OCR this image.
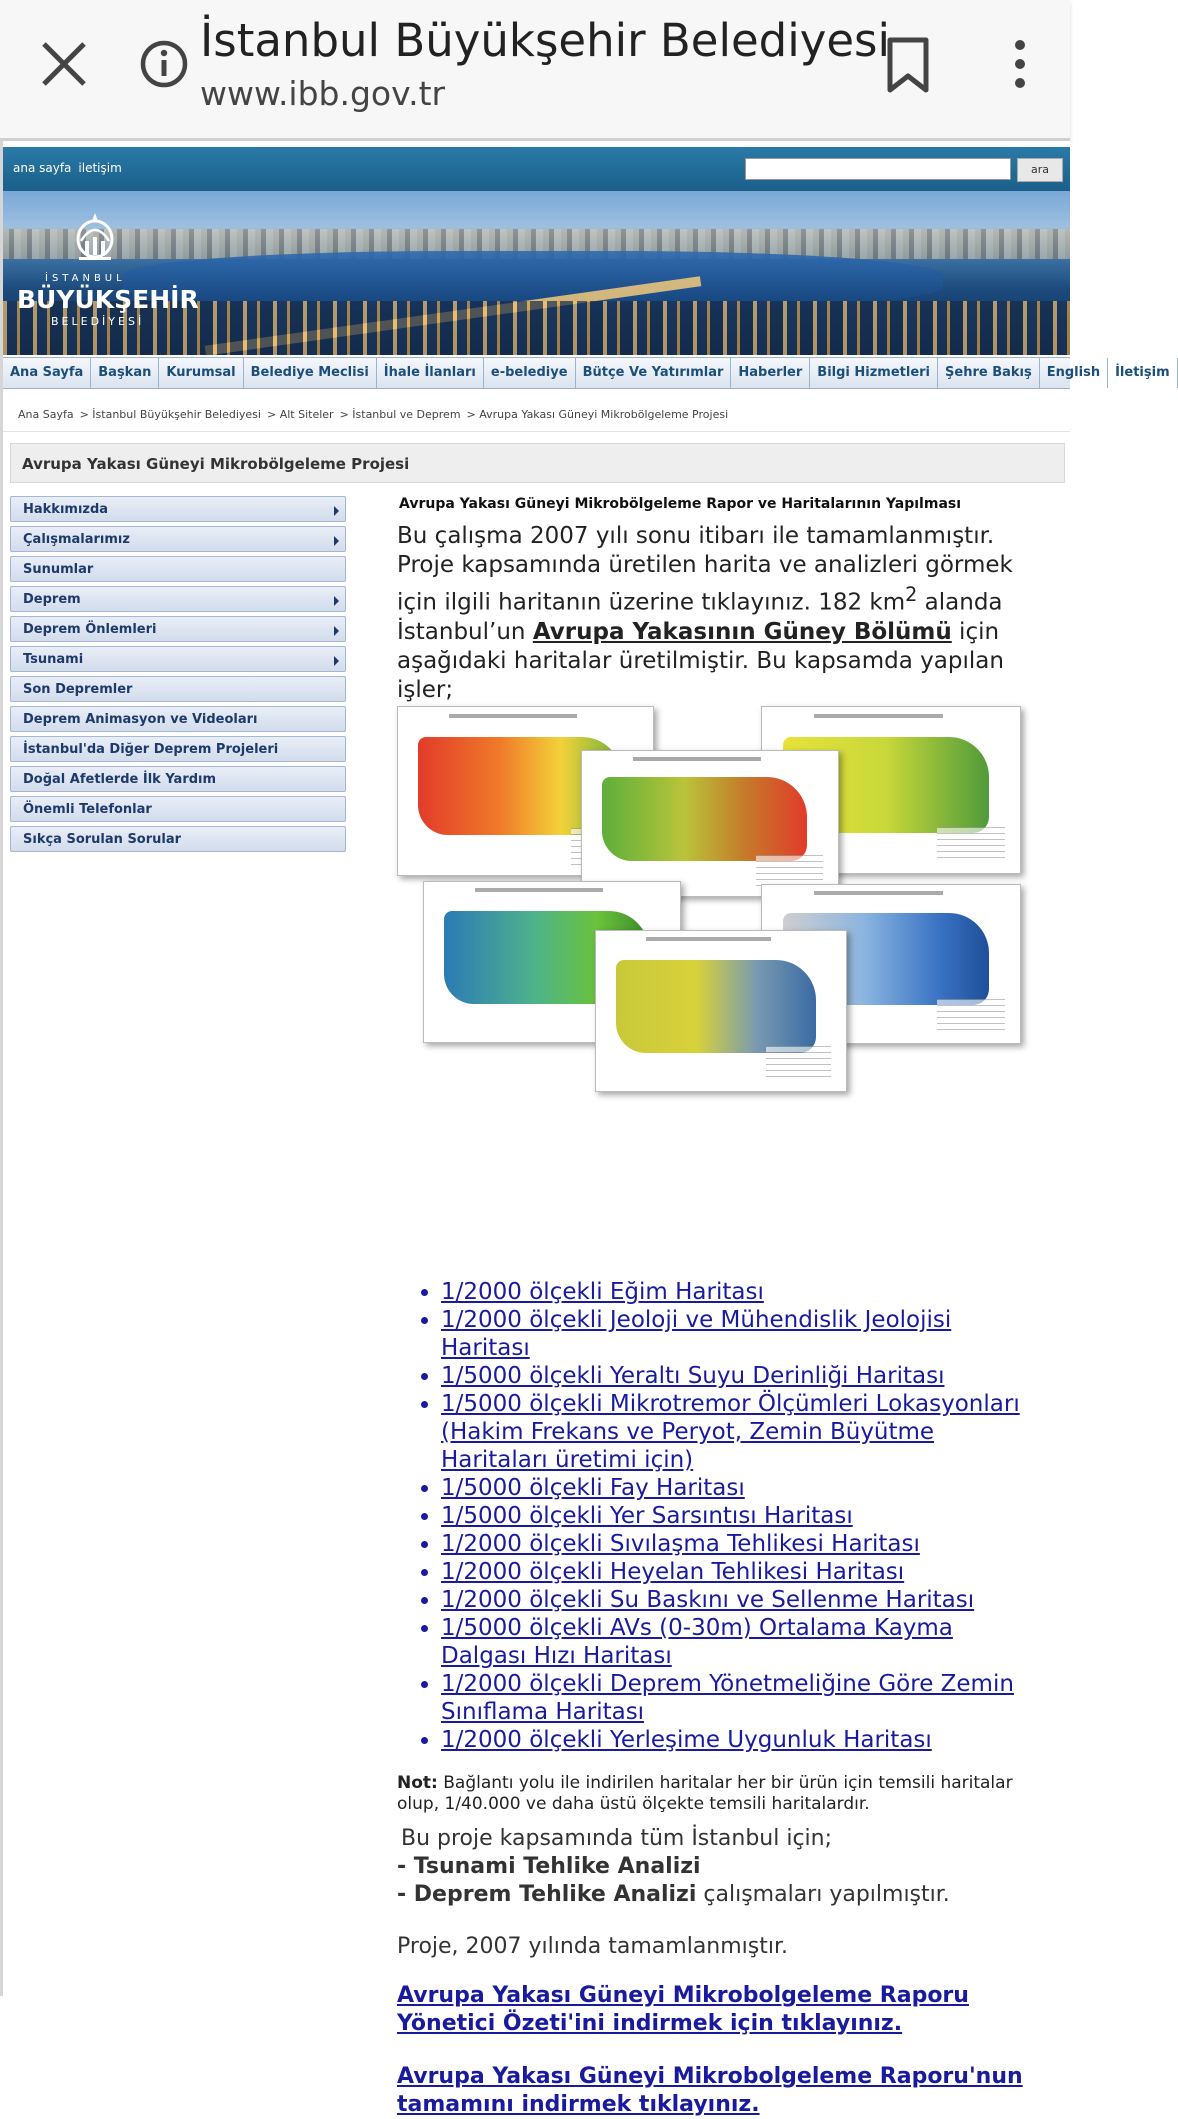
İstanbul Büyükşehir Belediyesi
www.ibb.gov.tr
ana sayfa iletişim	ara
İSTANBUL
BÜYÜKŞEHİR
BELEDİYESİ
Ana Sayfa Başkan Kurumsal Belediye Meclisi İhale İlanları e-belediye Bütçe Ve Yatırımlar Haberler Bilgi Hizmetleri Şehre Bakış English İletişim
Ana Sayfa > İstanbul Büyükşehir Belediyesi > Alt Siteler > İstanbul ve Deprem > Avrupa Yakası Güneyi Mikrobölgeleme Projesi
Avrupa Yakası Güneyi Mikrobölgeleme Projesi
Hakkımızda
Çalışmalarımız
Sunumlar
Deprem
Deprem Önlemleri
Tsunami
Son Depremler
Deprem Animasyon ve Videoları
İstanbul'da Diğer Deprem Projeleri
Doğal Afetlerde İlk Yardım
Önemli Telefonlar
Sıkça Sorulan Sorular
Avrupa Yakası Güneyi Mikrobölgeleme Rapor ve Haritalarının Yapılması
Bu çalışma 2007 yılı sonu itibarı ile tamamlanmıştır. Proje kapsamında üretilen harita ve analizleri görmek için ilgili haritanın üzerine tıklayınız. 182 $km^2$ alanda İstanbul’un Avrupa Yakasının Güney Bölümü için aşağıdaki haritalar üretilmiştir. Bu kapsamda yapılan işler;
1/2000 ölçekli Eğim Haritası
1/2000 ölçekli Jeoloji ve Mühendislik Jeolojisi Haritası
1/5000 ölçekli Yeraltı Suyu Derinliği Haritası
1/5000 ölçekli Mikrotremor Ölçümleri Lokasyonları (Hakim Frekans ve Peryot, Zemin Büyütme Haritaları üretimi için)
1/5000 ölçekli Fay Haritası
1/5000 ölçekli Yer Sarsıntısı Haritası
1/2000 ölçekli Sıvılaşma Tehlikesi Haritası
1/2000 ölçekli Heyelan Tehlikesi Haritası
1/2000 ölçekli Su Baskını ve Sellenme Haritası
1/5000 ölçekli AVs (0-30m) Ortalama Kayma Dalgası Hızı Haritası
1/2000 ölçekli Deprem Yönetmeliğine Göre Zemin Sınıflama Haritası
1/2000 ölçekli Yerleşime Uygunluk Haritası
Not: Bağlantı yolu ile indirilen haritalar her bir ürün için temsili haritalar olup, 1/40.000 ve daha üstü ölçekte temsili haritalardır.
Bu proje kapsamında tüm İstanbul için;
- Tsunami Tehlike Analizi
- Deprem Tehlike Analizi çalışmaları yapılmıştır.
Proje, 2007 yılında tamamlanmıştır.
Avrupa Yakası Güneyi Mikrobolgeleme Raporu Yönetici Özeti'ini indirmek için tıklayınız.
Avrupa Yakası Güneyi Mikrobolgeleme Raporu'nun tamamını indirmek tıklayınız.
